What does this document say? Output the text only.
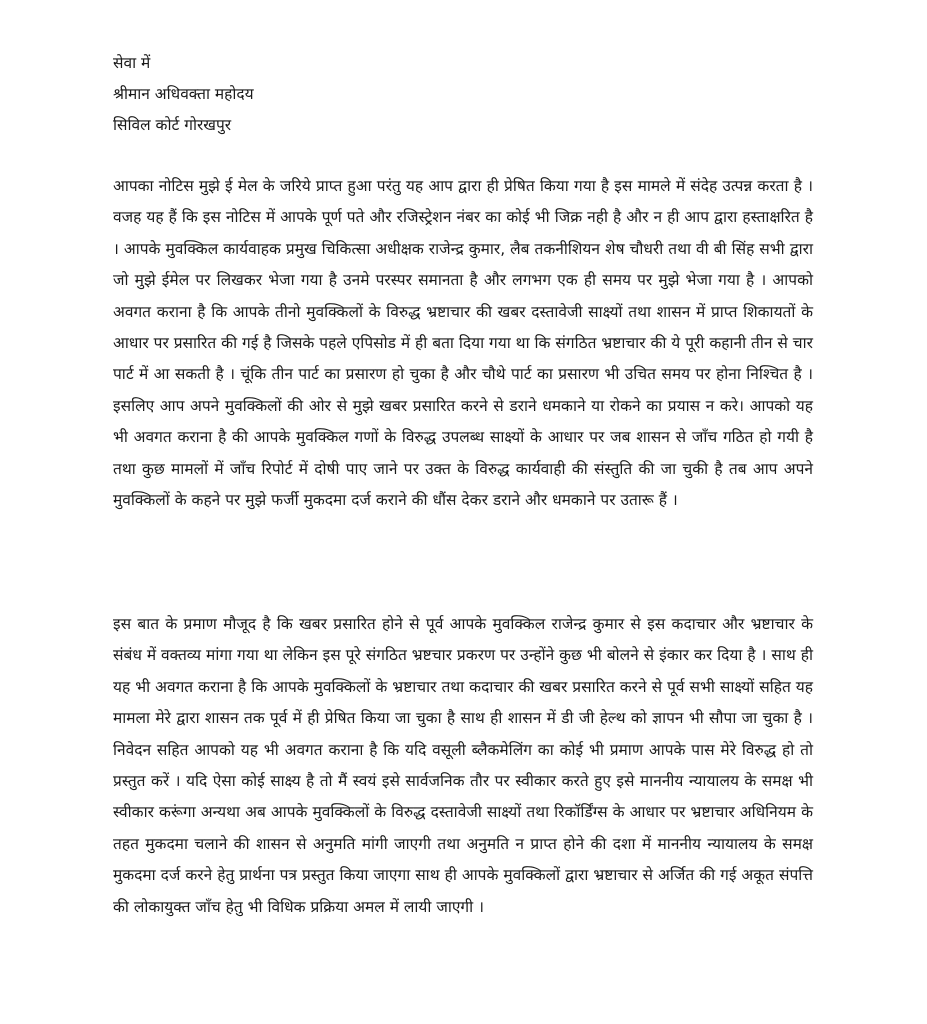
सेवा में
श्रीमान अधिवक्ता महोदय
सिविल कोर्ट गोरखपुर

आपका नोटिस मुझे ई मेल के जरिये प्राप्त हुआ परंतु यह आप द्वारा ही प्रेषित किया गया है इस मामले में संदेह उत्पन्न करता है । वजह यह हैं कि इस नोटिस में आपके पूर्ण पते और रजिस्ट्रेशन नंबर का कोई भी जिक्र नही है और न ही आप द्वारा हस्ताक्षरित है । आपके मुवक्किल कार्यवाहक प्रमुख चिकित्सा अधीक्षक राजेन्द्र कुमार, लैब तकनीशियन शेष चौधरी तथा वी बी सिंह सभी द्वारा जो मुझे ईमेल पर लिखकर भेजा गया है उनमे परस्पर समानता है और लगभग एक ही समय पर मुझे भेजा गया है । आपको अवगत कराना है कि आपके तीनो मुवक्किलों के विरुद्ध भ्रष्टाचार की खबर दस्तावेजी साक्ष्यों तथा शासन में प्राप्त शिकायतों के आधार पर प्रसारित की गई है जिसके पहले एपिसोड में ही बता दिया गया था कि संगठित भ्रष्टाचार की ये पूरी कहानी तीन से चार पार्ट में आ सकती है । चूंकि तीन पार्ट का प्रसारण हो चुका है और चौथे पार्ट का प्रसारण भी उचित समय पर होना निश्चित है । इसलिए आप अपने मुवक्किलों की ओर से मुझे खबर प्रसारित करने से डराने धमकाने या रोकने का प्रयास न करे। आपको यह भी अवगत कराना है की आपके मुवक्किल गणों के विरुद्ध उपलब्ध साक्ष्यों के आधार पर जब शासन से जाँच गठित हो गयी है तथा कुछ मामलों में जाँच रिपोर्ट में दोषी पाए जाने पर उक्त के विरुद्ध कार्यवाही की संस्तुति की जा चुकी है तब आप अपने मुवक्किलों के कहने पर मुझे फर्जी मुकदमा दर्ज कराने की धौंस देकर डराने और धमकाने पर उतारू हैं ।

इस बात के प्रमाण मौजूद है कि खबर प्रसारित होने से पूर्व आपके मुवक्किल राजेन्द्र कुमार से इस कदाचार और भ्रष्टाचार के संबंध में वक्तव्य मांगा गया था लेकिन इस पूरे संगठित भ्रष्टचार प्रकरण पर उन्होंने कुछ भी बोलने से इंकार कर दिया है । साथ ही यह भी अवगत कराना है कि आपके मुवक्किलों के भ्रष्टाचार तथा कदाचार की खबर प्रसारित करने से पूर्व सभी साक्ष्यों सहित यह मामला मेरे द्वारा शासन तक पूर्व में ही प्रेषित किया जा चुका है साथ ही शासन में डी जी हेल्थ को ज्ञापन भी सौपा जा चुका है । निवेदन सहित आपको यह भी अवगत कराना है कि यदि वसूली ब्लैकमेलिंग का कोई भी प्रमाण आपके पास मेरे विरुद्ध हो तो प्रस्तुत करें । यदि ऐसा कोई साक्ष्य है तो मैं स्वयं इसे सार्वजनिक तौर पर स्वीकार करते हुए इसे माननीय न्यायालय के समक्ष भी स्वीकार करूंगा अन्यथा अब आपके मुवक्किलों के विरुद्ध दस्तावेजी साक्ष्यों तथा रिकॉर्डिंग्स के आधार पर भ्रष्टाचार अधिनियम के तहत मुकदमा चलाने की शासन से अनुमति मांगी जाएगी तथा अनुमति न प्राप्त होने की दशा में माननीय न्यायालय के समक्ष मुकदमा दर्ज करने हेतु प्रार्थना पत्र प्रस्तुत किया जाएगा साथ ही आपके मुवक्किलों द्वारा भ्रष्टाचार से अर्जित की गई अकूत संपत्ति की लोकायुक्त जाँच हेतु भी विधिक प्रक्रिया अमल में लायी जाएगी ।
